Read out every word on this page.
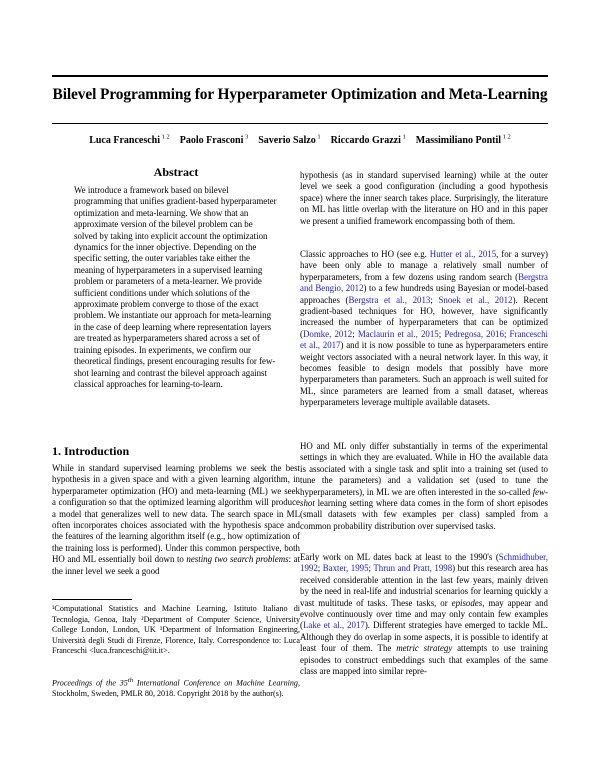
Bilevel Programming for Hyperparameter Optimization and Meta-Learning
Luca Franceschi $^{1 2}$ Paolo Frasconi $^3$ Saverio Salzo $^1$ Riccardo Grazzi $^1$ Massimiliano Pontil $^{1 2}$
Abstract

We introduce a framework based on bilevel programming that unifies gradient-based hyperparameter optimization and meta-learning. We show that an approximate version of the bilevel problem can be solved by taking into explicit account the optimization dynamics for the inner objective. Depending on the specific setting, the outer variables take either the meaning of hyperparameters in a supervised learning problem or parameters of a meta-learner. We provide sufficient conditions under which solutions of the approximate problem converge to those of the exact problem. We instantiate our approach for meta-learning in the case of deep learning where representation layers are treated as hyperparameters shared across a set of training episodes. In experiments, we confirm our theoretical findings, present encouraging results for few-shot learning and contrast the bilevel approach against classical approaches for learning-to-learn.

1. Introduction

While in standard supervised learning problems we seek the best hypothesis in a given space and with a given learning algorithm, in hyperparameter optimization (HO) and meta-learning (ML) we seek a configuration so that the optimized learning algorithm will produce a model that generalizes well to new data. The search space in ML often incorporates choices associated with the hypothesis space and the features of the learning algorithm itself (e.g., how optimization of the training loss is performed). Under this common perspective, both HO and ML essentially boil down to nesting two search problems: at the inner level we seek a good

¹Computational Statistics and Machine Learning, Istituto Italiano di Tecnologia, Genoa, Italy ²Department of Computer Science, University College London, London, UK ³Department of Information Engineering, Università degli Studi di Firenze, Florence, Italy. Correspondence to: Luca Franceschi <luca.franceschi@iit.it>.

Proceedings of the 35th International Conference on Machine Learning, Stockholm, Sweden, PMLR 80, 2018. Copyright 2018 by the author(s).

hypothesis (as in standard supervised learning) while at the outer level we seek a good configuration (including a good hypothesis space) where the inner search takes place. Surprisingly, the literature on ML has little overlap with the literature on HO and in this paper we present a unified framework encompassing both of them.

Classic approaches to HO (see e.g. Hutter et al., 2015, for a survey) have been only able to manage a relatively small number of hyperparameters, from a few dozens using random search (Bergstra and Bengio, 2012) to a few hundreds using Bayesian or model-based approaches (Bergstra et al., 2013; Snoek et al., 2012). Recent gradient-based techniques for HO, however, have significantly increased the number of hyperparameters that can be optimized (Domke, 2012; Maclaurin et al., 2015; Pedregosa, 2016; Franceschi et al., 2017) and it is now possible to tune as hyperparameters entire weight vectors associated with a neural network layer. In this way, it becomes feasible to design models that possibly have more hyperparameters than parameters. Such an approach is well suited for ML, since parameters are learned from a small dataset, whereas hyperparameters leverage multiple available datasets.

HO and ML only differ substantially in terms of the experimental settings in which they are evaluated. While in HO the available data is associated with a single task and split into a training set (used to tune the parameters) and a validation set (used to tune the hyperparameters), in ML we are often interested in the so-called few-shot learning setting where data comes in the form of short episodes (small datasets with few examples per class) sampled from a common probability distribution over supervised tasks.

Early work on ML dates back at least to the 1990's (Schmidhuber, 1992; Baxter, 1995; Thrun and Pratt, 1998) but this research area has received considerable attention in the last few years, mainly driven by the need in real-life and industrial scenarios for learning quickly a vast multitude of tasks. These tasks, or episodes, may appear and evolve continuously over time and may only contain few examples (Lake et al., 2017). Different strategies have emerged to tackle ML. Although they do overlap in some aspects, it is possible to identify at least four of them. The metric strategy attempts to use training episodes to construct embeddings such that examples of the same class are mapped into similar repre-
